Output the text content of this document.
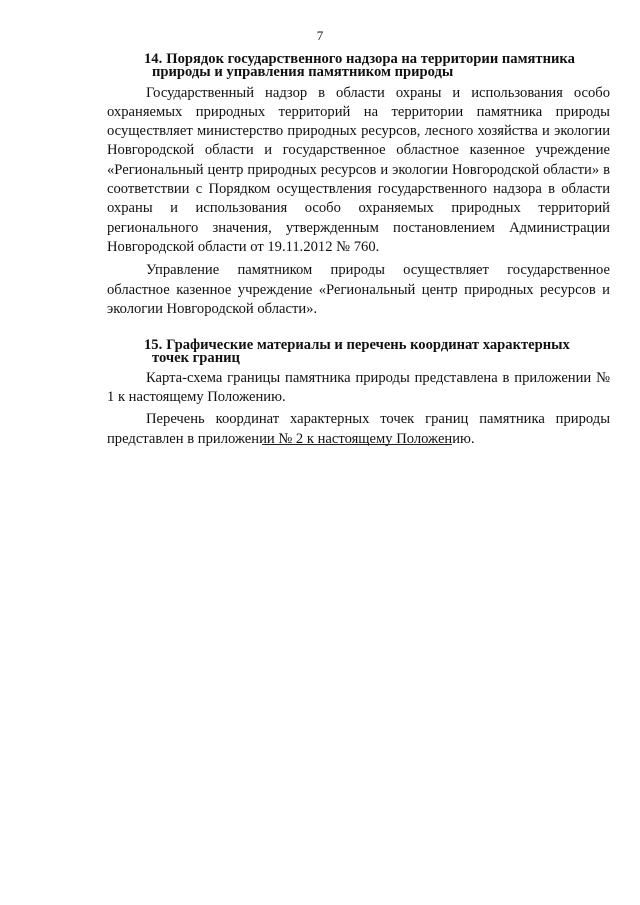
7
14. Порядок государственного надзора на территории памятника
природы и управления памятником природы

Государственный надзор в области охраны и использования особо охраняемых природных территорий на территории памятника природы осуществляет министерство природных ресурсов, лесного хозяйства и экологии Новгородской области и государственное областное казенное учреждение «Региональный центр природных ресурсов и экологии Новгородской области» в соответствии с Порядком осуществления государственного надзора в области охраны и использования особо охраняемых природных территорий регионального значения, утвержденным постановлением Администрации Новгородской области от 19.11.2012 № 760.

Управление памятником природы осуществляет государственное областное казенное учреждение «Региональный центр природных ресурсов и экологии Новгородской области».

15. Графические материалы и перечень координат характерных
точек границ

Карта-схема границы памятника природы представлена в приложении № 1 к настоящему Положению.

Перечень координат характерных точек границ памятника природы представлен в приложении № 2 к настоящему Положению.
